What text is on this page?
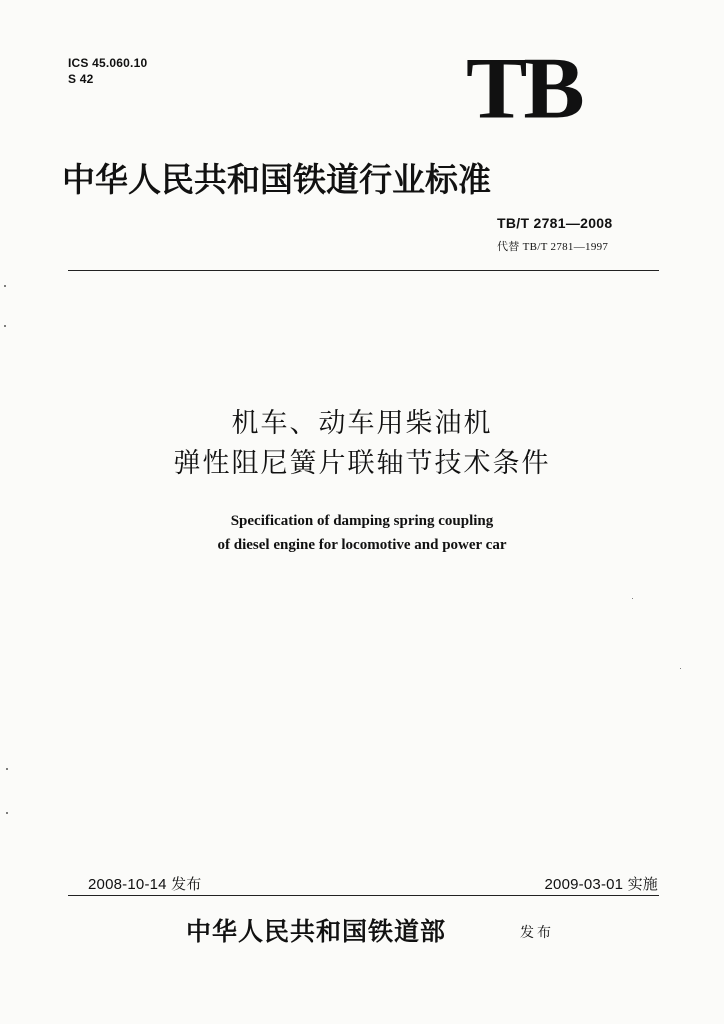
ICS 45.060.10
S 42	TB
中华人民共和国铁道行业标准
TB/T 2781—2008
代替 TB/T 2781—1997
机车、动车用柴油机
弹性阻尼簧片联轴节技术条件
Specification of damping spring coupling
of diesel engine for locomotive and power car
2008-10-14 发布	2009-03-01 实施
中华人民共和国铁道部	发布
